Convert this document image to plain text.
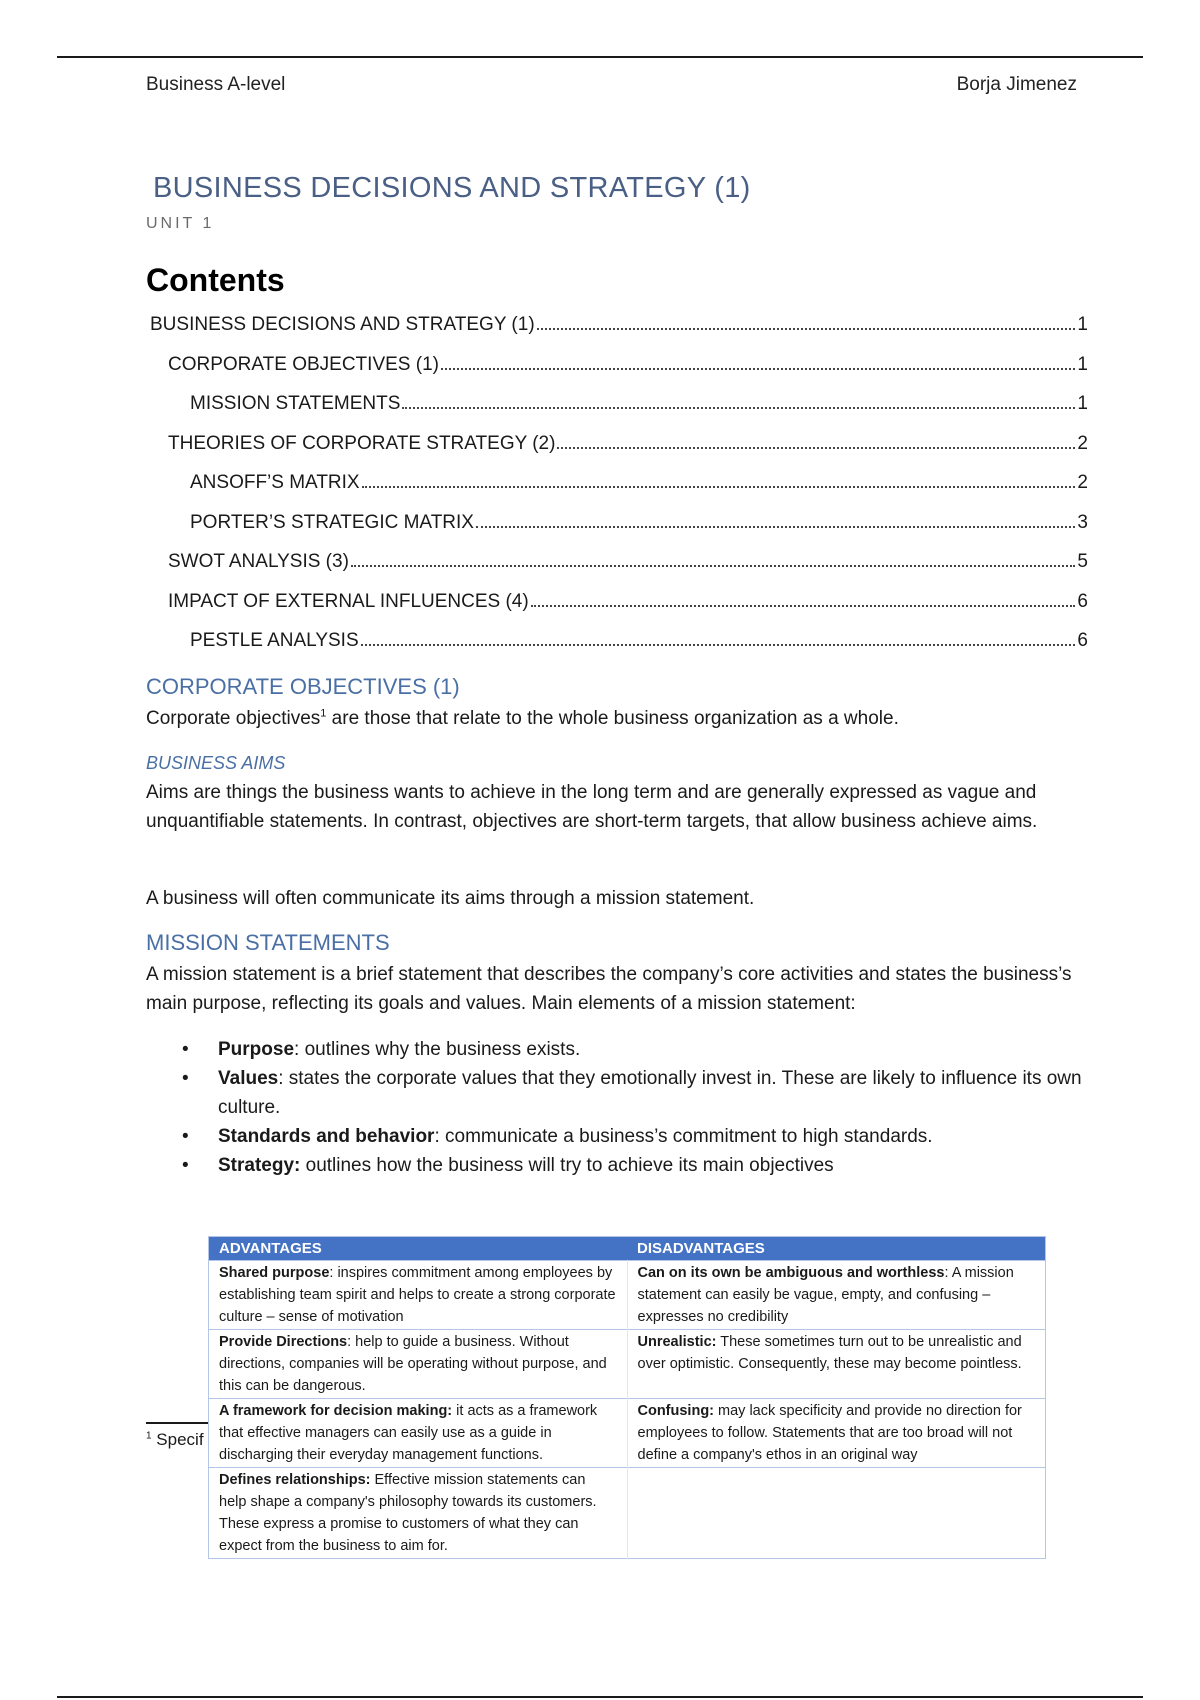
Business A-level	Borja Jimenez
BUSINESS DECISIONS AND STRATEGY (1)
UNIT 1
Contents
BUSINESS DECISIONS AND STRATEGY (1)	1
CORPORATE OBJECTIVES (1)	1
MISSION STATEMENTS	1
THEORIES OF CORPORATE STRATEGY (2)	2
ANSOFF’S MATRIX	2
PORTER’S STRATEGIC MATRIX	3
SWOT ANALYSIS (3)	5
IMPACT OF EXTERNAL INFLUENCES (4)	6
PESTLE ANALYSIS	6
CORPORATE OBJECTIVES (1)
Corporate objectives$^1$ are those that relate to the whole business organization as a whole.
BUSINESS AIMS
Aims are things the business wants to achieve in the long term and are generally expressed as vague and unquantifiable statements. In contrast, objectives are short-term targets, that allow business achieve aims.
A business will often communicate its aims through a mission statement.
MISSION STATEMENTS
A mission statement is a brief statement that describes the company’s core activities and states the business’s main purpose, reflecting its goals and values. Main elements of a mission statement:
• Purpose: outlines why the business exists.
• Values: states the corporate values that they emotionally invest in. These are likely to influence its own culture.
• Standards and behavior: communicate a business’s commitment to high standards.
• Strategy: outlines how the business will try to achieve its main objectives
$^1$ Specif
ADVANTAGES	DISADVANTAGES
Shared purpose: inspires commitment among employees by establishing team spirit and helps to create a strong corporate culture – sense of motivation	Can on its own be ambiguous and worthless: A mission statement can easily be vague, empty, and confusing – expresses no credibility
Provide Directions: help to guide a business. Without directions, companies will be operating without purpose, and this can be dangerous.	Unrealistic: These sometimes turn out to be unrealistic and over optimistic. Consequently, these may become pointless.
A framework for decision making: it acts as a framework that effective managers can easily use as a guide in discharging their everyday management functions.	Confusing: may lack specificity and provide no direction for employees to follow. Statements that are too broad will not define a company's ethos in an original way
Defines relationships: Effective mission statements can help shape a company's philosophy towards its customers. These express a promise to customers of what they can expect from the business to aim for.	
